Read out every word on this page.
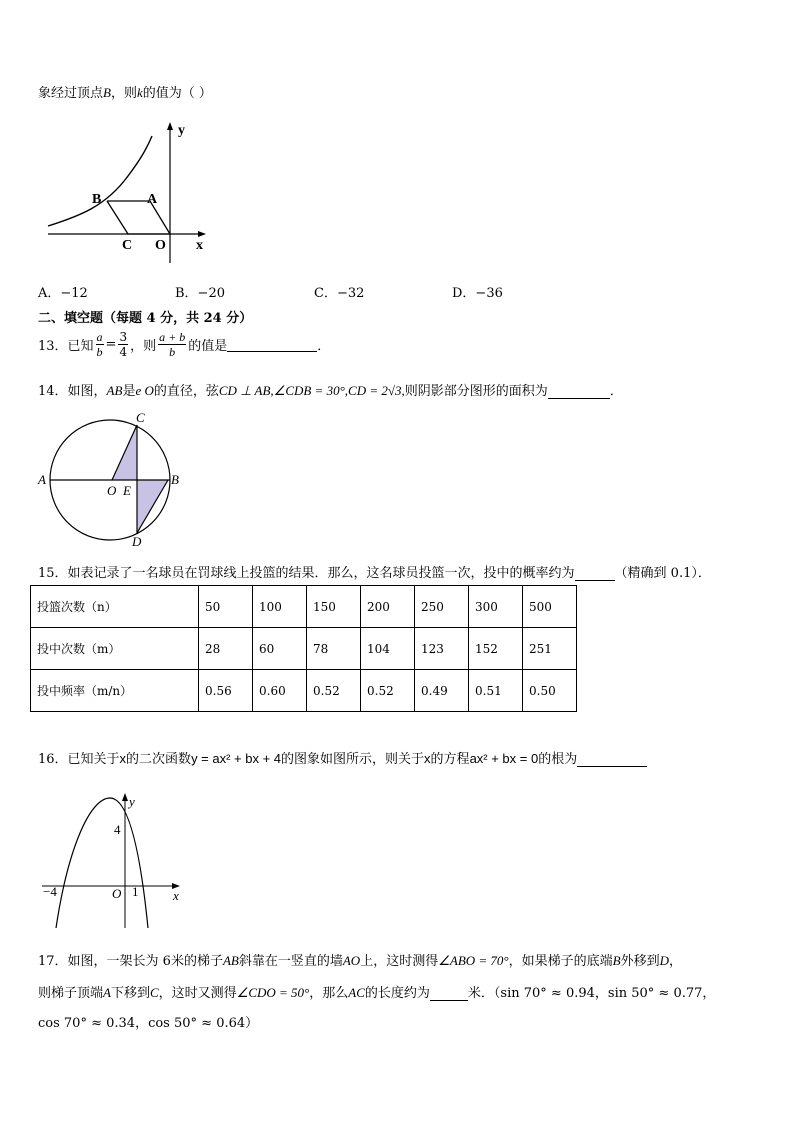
象经过顶点B，则k的值为（ ）
y
x
B	A
C O
A．−12	B．−20	C．−32	D．−36
二、填空题（每题 4 分，共 24 分）
13．已知 $\frac{a}{b} = \frac{3}{4}$ ，则 $\frac{a + b}{b}$ 的值是	．
14．如图，AB是e O的直径，弦CD ⊥ AB,∠CDB = 30°,CD = 2√3,则阴影部分图形的面积为	．
A	B
C
D
O E
15．如表记录了一名球员在罚球线上投篮的结果．那么，这名球员投篮一次，投中的概率约为	（精确到 0.1）．
投篮次数（n）	50	100	150	200	250	300	500
投中次数（m）	28	60	78	104	123	152	251
投中频率（m/n）	0.56	0.60	0.52	0.52	0.49	0.51	0.50
16．已知关于x的二次函数y = ax² + bx + 4的图象如图所示，则关于x的方程ax² + bx = 0的根为
y
x
4
−4	O 1
17．如图，一架长为 6米的梯子AB斜靠在一竖直的墙AO上，这时测得∠ABO = 70°，如果梯子的底端B外移到D，
则梯子顶端A下移到C，这时又测得∠CDO = 50°，那么AC的长度约为	米．（sin 70° ≈ 0.94，sin 50° ≈ 0.77，
cos 70° ≈ 0.34，cos 50° ≈ 0.64）
